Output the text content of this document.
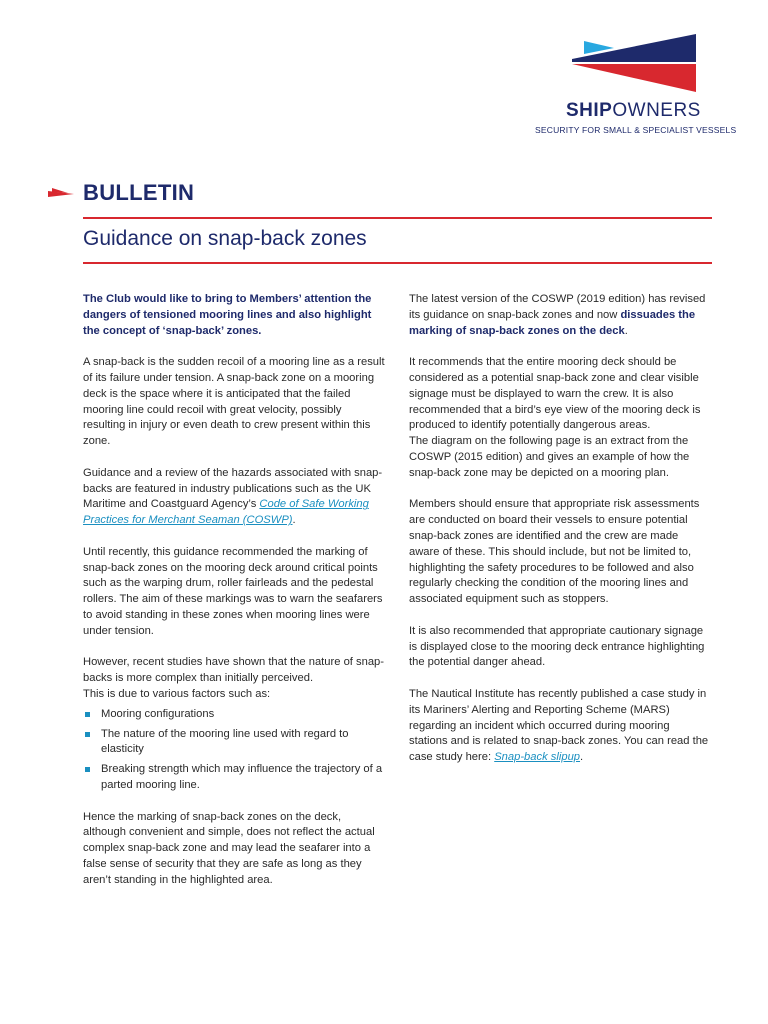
SHIPOWNERS
SECURITY FOR SMALL & SPECIALIST VESSELS
BULLETIN
Guidance on snap-back zones

The Club would like to bring to Members’ attention the dangers of tensioned mooring lines and also highlight the concept of ‘snap-back’ zones.

A snap-back is the sudden recoil of a mooring line as a result of its failure under tension. A snap-back zone on a mooring deck is the space where it is anticipated that the failed mooring line could recoil with great velocity, possibly resulting in injury or even death to crew present within this zone.

Guidance and a review of the hazards associated with snap-backs are featured in industry publications such as the UK Maritime and Coastguard Agency’s Code of Safe Working Practices for Merchant Seaman (COSWP).

Until recently, this guidance recommended the marking of snap-back zones on the mooring deck around critical points such as the warping drum, roller fairleads and the pedestal rollers. The aim of these markings was to warn the seafarers to avoid standing in these zones when mooring lines were under tension.

However, recent studies have shown that the nature of snap-backs is more complex than initially perceived.

This is due to various factors such as:

Mooring configurations
The nature of the mooring line used with regard to elasticity
Breaking strength which may influence the trajectory of a parted mooring line.

Hence the marking of snap-back zones on the deck, although convenient and simple, does not reflect the actual complex snap-back zone and may lead the seafarer into a false sense of security that they are safe as long as they aren’t standing in the highlighted area.

The latest version of the COSWP (2019 edition) has revised its guidance on snap-back zones and now dissuades the marking of snap-back zones on the deck.

It recommends that the entire mooring deck should be considered as a potential snap-back zone and clear visible signage must be displayed to warn the crew. It is also recommended that a bird’s eye view of the mooring deck is produced to identify potentially dangerous areas.

The diagram on the following page is an extract from the COSWP (2015 edition) and gives an example of how the snap-back zone may be depicted on a mooring plan.

Members should ensure that appropriate risk assessments are conducted on board their vessels to ensure potential snap-back zones are identified and the crew are made aware of these. This should include, but not be limited to, highlighting the safety procedures to be followed and also regularly checking the condition of the mooring lines and associated equipment such as stoppers.

It is also recommended that appropriate cautionary signage is displayed close to the mooring deck entrance highlighting the potential danger ahead.

The Nautical Institute has recently published a case study in its Mariners’ Alerting and Reporting Scheme (MARS) regarding an incident which occurred during mooring stations and is related to snap-back zones. You can read the case study here: Snap-back slipup.
